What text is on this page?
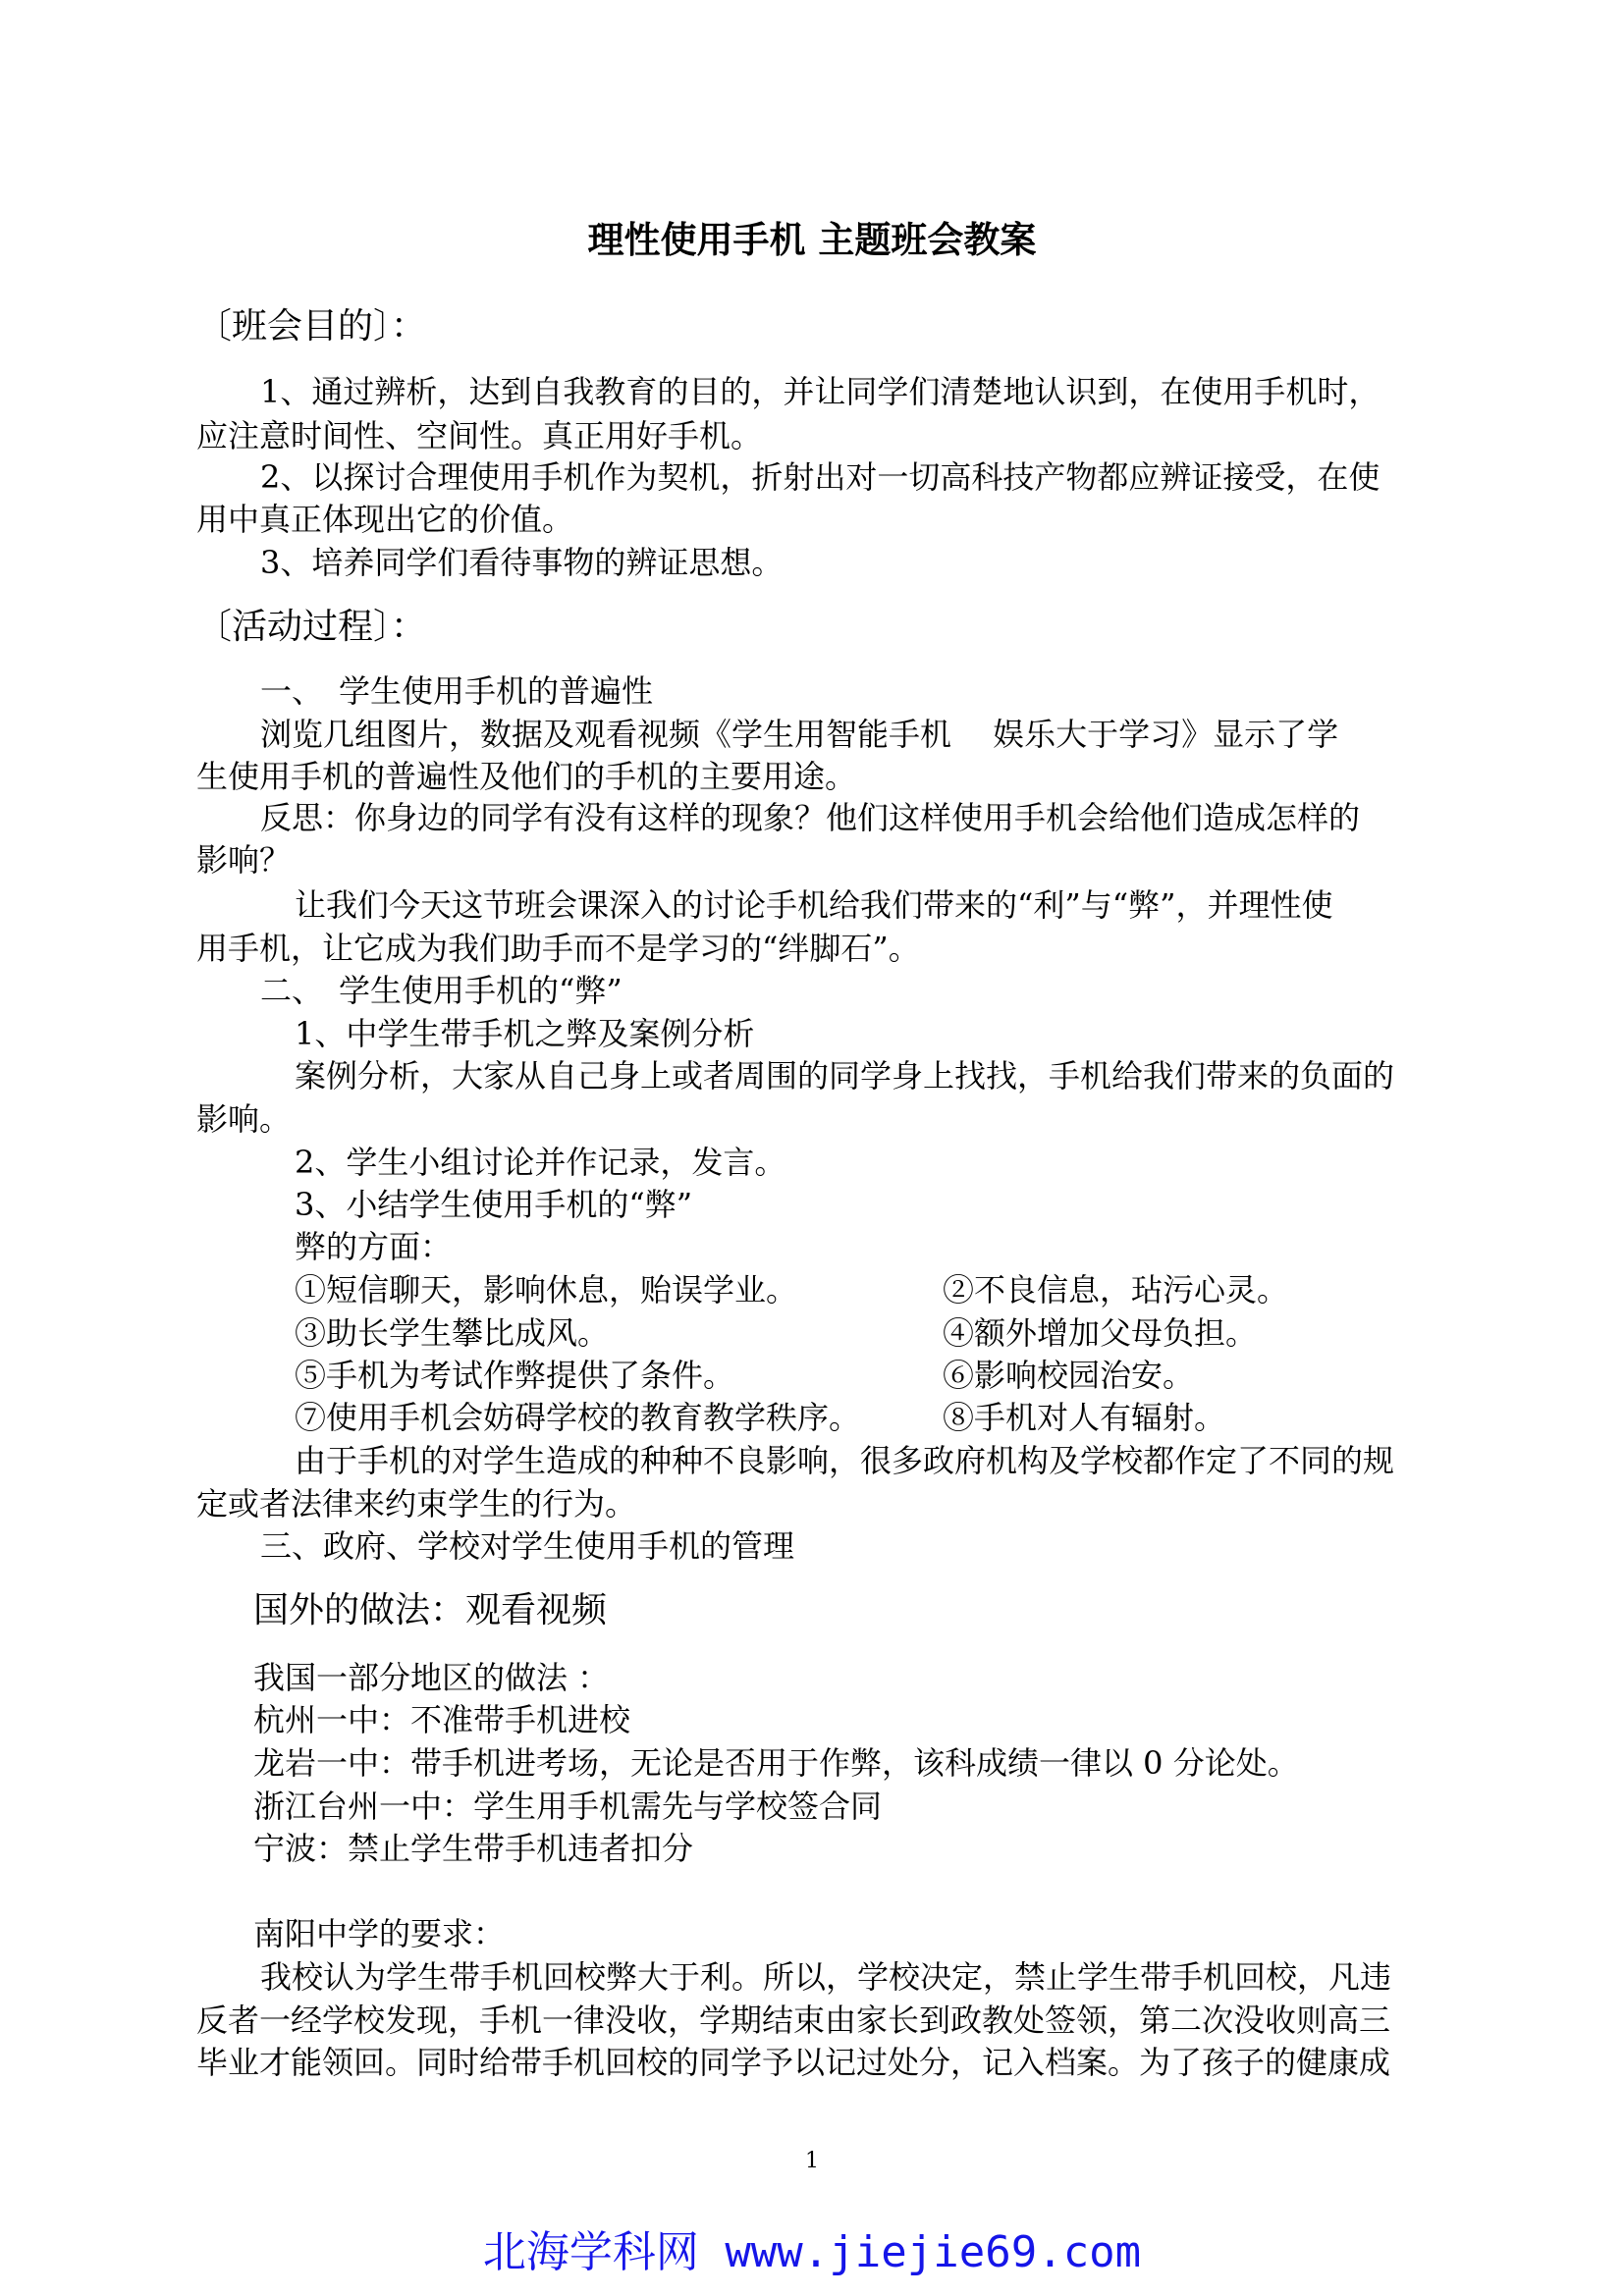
理性使用手机 主题班会教案
〔班会目的〕：
1、通过辨析，达到自我教育的目的，并让同学们清楚地认识到，在使用手机时，
应注意时间性、空间性。真正用好手机。
2、以探讨合理使用手机作为契机，折射出对一切高科技产物都应辨证接受，在使
用中真正体现出它的价值。
3、培养同学们看待事物的辨证思想。
〔活动过程〕：
一、　学生使用手机的普遍性
浏览几组图片，数据及观看视频《学生用智能手机　 娱乐大于学习》显示了学
生使用手机的普遍性及他们的手机的主要用途。
反思：你身边的同学有没有这样的现象？他们这样使用手机会给他们造成怎样的
影响？
让我们今天这节班会课深入的讨论手机给我们带来的“利”与“弊”，并理性使
用手机，让它成为我们助手而不是学习的“绊脚石”。
二、　学生使用手机的“弊”
1、中学生带手机之弊及案例分析
案例分析，大家从自己身上或者周围的同学身上找找，手机给我们带来的负面的
影响。
2、学生小组讨论并作记录，发言。
3、小结学生使用手机的“弊”
弊的方面：
①短信聊天，影响休息，贻误学业。	②不良信息，玷污心灵。
③助长学生攀比成风。	④额外增加父母负担。
⑤手机为考试作弊提供了条件。	⑥影响校园治安。
⑦使用手机会妨碍学校的教育教学秩序。	⑧手机对人有辐射。
由于手机的对学生造成的种种不良影响，很多政府机构及学校都作定了不同的规
定或者法律来约束学生的行为。
三、政府、学校对学生使用手机的管理
国外的做法：观看视频
我国一部分地区的做法 ：
杭州一中：不准带手机进校
龙岩一中：带手机进考场，无论是否用于作弊，该科成绩一律以 0 分论处。
浙江台州一中：学生用手机需先与学校签合同
宁波：禁止学生带手机违者扣分
南阳中学的要求：
我校认为学生带手机回校弊大于利。所以，学校决定，禁止学生带手机回校，凡违
反者一经学校发现，手机一律没收，学期结束由家长到政教处签领，第二次没收则高三
毕业才能领回。同时给带手机回校的同学予以记过处分，记入档案。为了孩子的健康成
1
北海学科网 www.jiejie69.com
